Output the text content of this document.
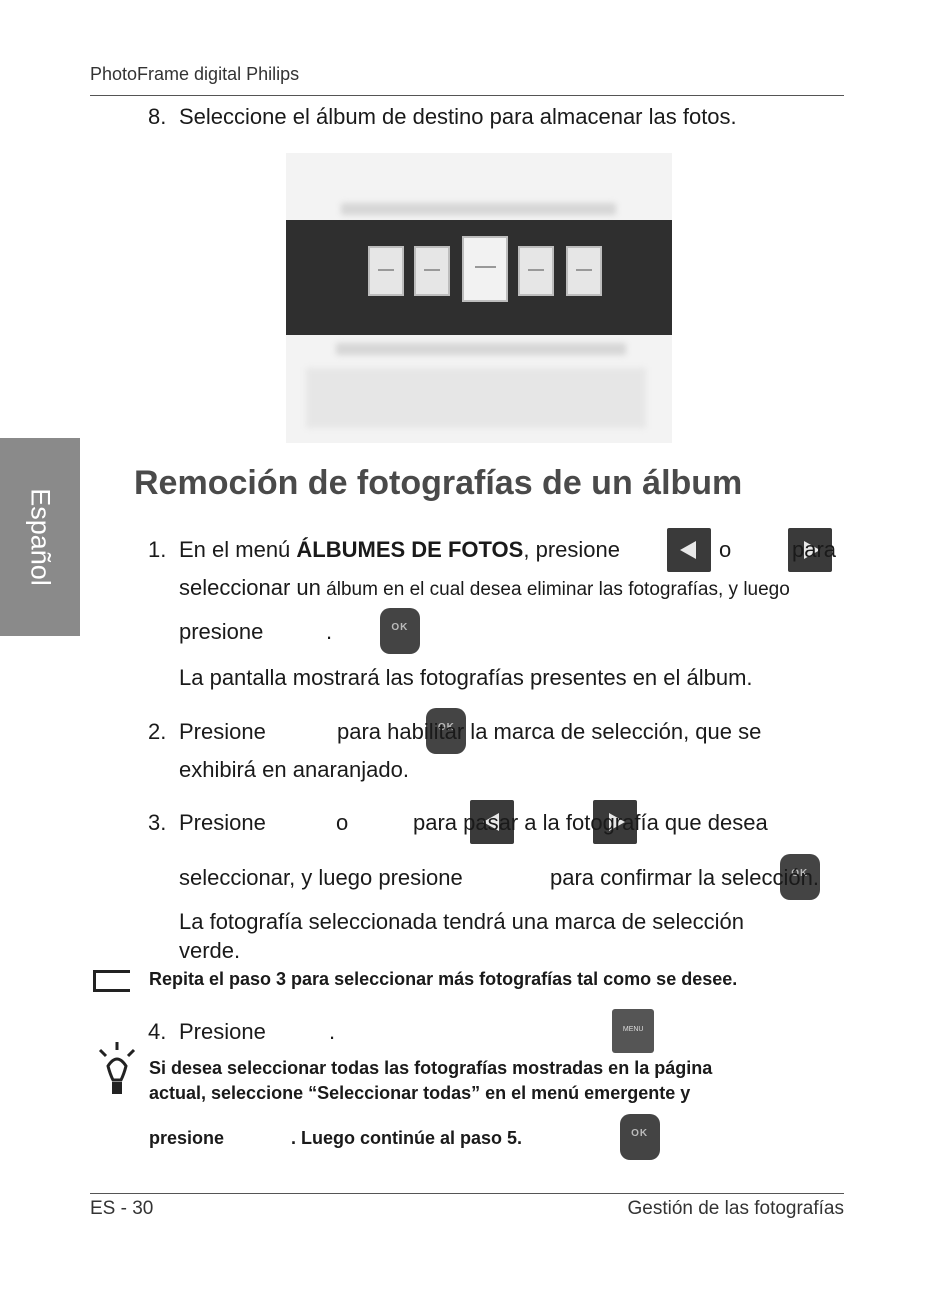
PhotoFrame digital Philips
Español
8. Seleccione el álbum de destino para almacenar las fotos.
Remoción de fotografías de un álbum
1. En el menú ÁLBUMES DE FOTOS, presione
	o
	para
seleccionar un álbum en el cual desea eliminar las fotografías, y luego
presione OK	.
La pantalla mostrará las fotografías presentes en el álbum.
2. Presione OK	para habilitar la marca de selección, que se
exhibirá en anaranjado.
3. Presione
	o
	para pasar a la fotografía que desea
seleccionar, y luego presione OK	para confirmar la selección.
La fotografía seleccionada tendrá una marca de selección
verde.
Repita el paso 3 para seleccionar más fotografías tal como se desee.
4. Presione MENU	.
Si desea seleccionar todas las fotografías mostradas en la página
actual, seleccione “Seleccionar todas” en el menú emergente y
presione OK	. Luego continúe al paso 5.
ES - 30	Gestión de las fotografías
